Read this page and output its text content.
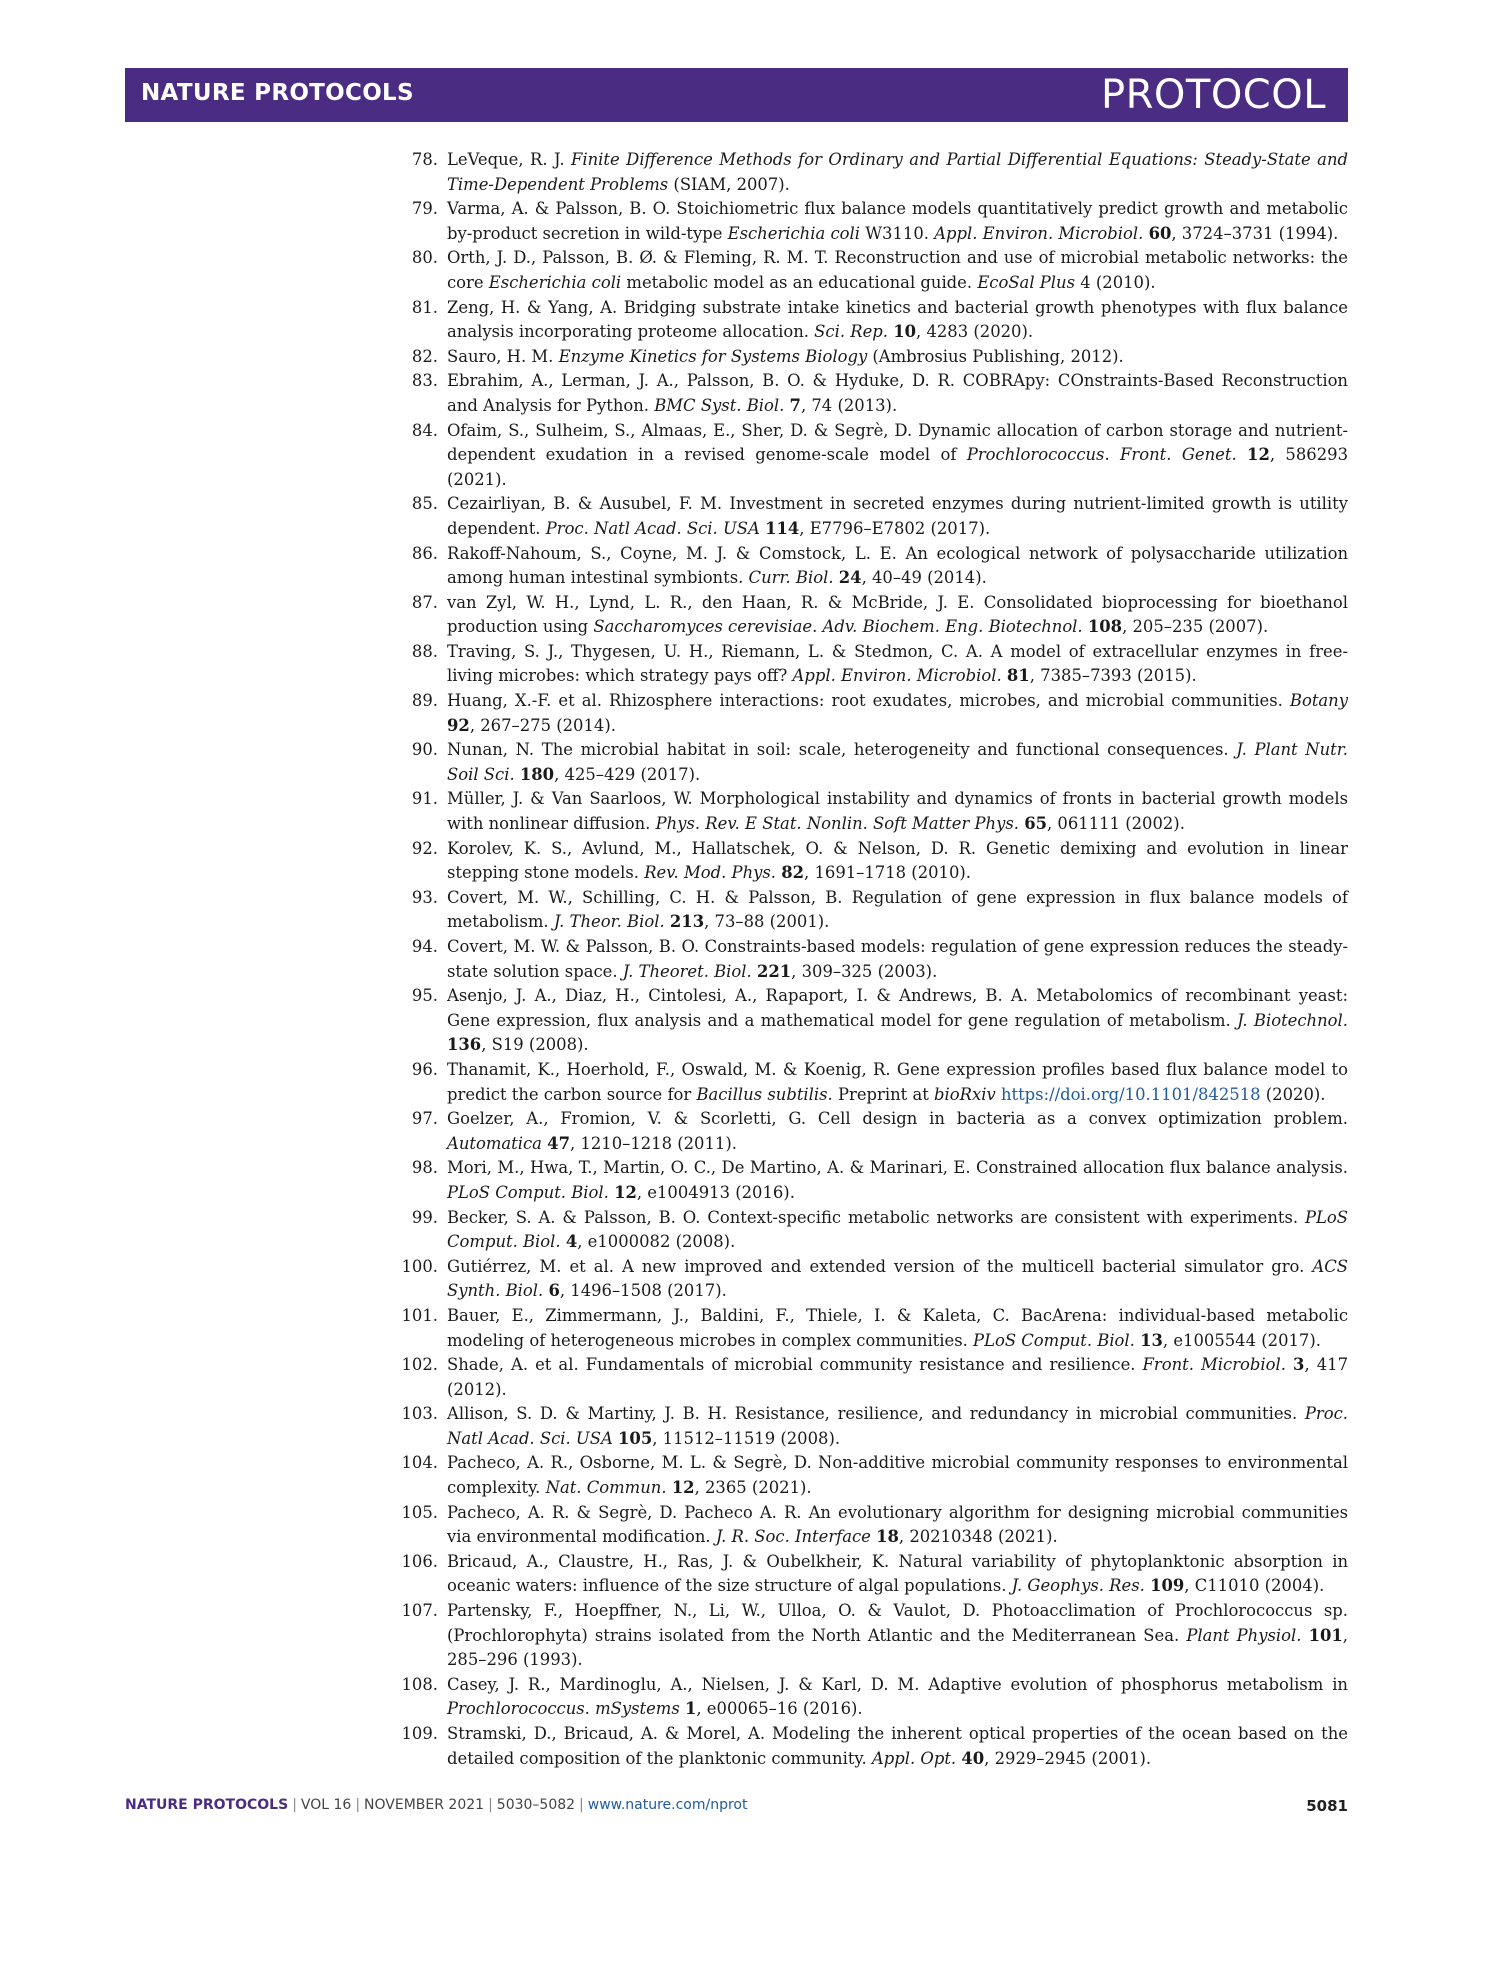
NATURE PROTOCOLS	PROTOCOL
78. LeVeque, R. J. Finite Difference Methods for Ordinary and Partial Differential Equations: Steady-State and Time-Dependent Problems (SIAM, 2007).
79. Varma, A. & Palsson, B. O. Stoichiometric flux balance models quantitatively predict growth and metabolic by-product secretion in wild-type Escherichia coli W3110. Appl. Environ. Microbiol. 60, 3724–3731 (1994).
80. Orth, J. D., Palsson, B. Ø. & Fleming, R. M. T. Reconstruction and use of microbial metabolic networks: the core Escherichia coli metabolic model as an educational guide. EcoSal Plus 4 (2010).
81. Zeng, H. & Yang, A. Bridging substrate intake kinetics and bacterial growth phenotypes with flux balance analysis incorporating proteome allocation. Sci. Rep. 10, 4283 (2020).
82. Sauro, H. M. Enzyme Kinetics for Systems Biology (Ambrosius Publishing, 2012).
83. Ebrahim, A., Lerman, J. A., Palsson, B. O. & Hyduke, D. R. COBRApy: COnstraints-Based Reconstruction and Analysis for Python. BMC Syst. Biol. 7, 74 (2013).
84. Ofaim, S., Sulheim, S., Almaas, E., Sher, D. & Segrè, D. Dynamic allocation of carbon storage and nutrient-dependent exudation in a revised genome-scale model of Prochlorococcus. Front. Genet. 12, 586293 (2021).
85. Cezairliyan, B. & Ausubel, F. M. Investment in secreted enzymes during nutrient-limited growth is utility dependent. Proc. Natl Acad. Sci. USA 114, E7796–E7802 (2017).
86. Rakoff-Nahoum, S., Coyne, M. J. & Comstock, L. E. An ecological network of polysaccharide utilization among human intestinal symbionts. Curr. Biol. 24, 40–49 (2014).
87. van Zyl, W. H., Lynd, L. R., den Haan, R. & McBride, J. E. Consolidated bioprocessing for bioethanol production using Saccharomyces cerevisiae. Adv. Biochem. Eng. Biotechnol. 108, 205–235 (2007).
88. Traving, S. J., Thygesen, U. H., Riemann, L. & Stedmon, C. A. A model of extracellular enzymes in free-living microbes: which strategy pays off? Appl. Environ. Microbiol. 81, 7385–7393 (2015).
89. Huang, X.-F. et al. Rhizosphere interactions: root exudates, microbes, and microbial communities. Botany 92, 267–275 (2014).
90. Nunan, N. The microbial habitat in soil: scale, heterogeneity and functional consequences. J. Plant Nutr. Soil Sci. 180, 425–429 (2017).
91. Müller, J. & Van Saarloos, W. Morphological instability and dynamics of fronts in bacterial growth models with nonlinear diffusion. Phys. Rev. E Stat. Nonlin. Soft Matter Phys. 65, 061111 (2002).
92. Korolev, K. S., Avlund, M., Hallatschek, O. & Nelson, D. R. Genetic demixing and evolution in linear stepping stone models. Rev. Mod. Phys. 82, 1691–1718 (2010).
93. Covert, M. W., Schilling, C. H. & Palsson, B. Regulation of gene expression in flux balance models of metabolism. J. Theor. Biol. 213, 73–88 (2001).
94. Covert, M. W. & Palsson, B. O. Constraints-based models: regulation of gene expression reduces the steady-state solution space. J. Theoret. Biol. 221, 309–325 (2003).
95. Asenjo, J. A., Diaz, H., Cintolesi, A., Rapaport, I. & Andrews, B. A. Metabolomics of recombinant yeast: Gene expression, flux analysis and a mathematical model for gene regulation of metabolism. J. Biotechnol. 136, S19 (2008).
96. Thanamit, K., Hoerhold, F., Oswald, M. & Koenig, R. Gene expression profiles based flux balance model to predict the carbon source for Bacillus subtilis. Preprint at bioRxiv https://doi.org/10.1101/842518 (2020).
97. Goelzer, A., Fromion, V. & Scorletti, G. Cell design in bacteria as a convex optimization problem. Automatica 47, 1210–1218 (2011).
98. Mori, M., Hwa, T., Martin, O. C., De Martino, A. & Marinari, E. Constrained allocation flux balance analysis. PLoS Comput. Biol. 12, e1004913 (2016).
99. Becker, S. A. & Palsson, B. O. Context-specific metabolic networks are consistent with experiments. PLoS Comput. Biol. 4, e1000082 (2008).
100. Gutiérrez, M. et al. A new improved and extended version of the multicell bacterial simulator gro. ACS Synth. Biol. 6, 1496–1508 (2017).
101. Bauer, E., Zimmermann, J., Baldini, F., Thiele, I. & Kaleta, C. BacArena: individual-based metabolic modeling of heterogeneous microbes in complex communities. PLoS Comput. Biol. 13, e1005544 (2017).
102. Shade, A. et al. Fundamentals of microbial community resistance and resilience. Front. Microbiol. 3, 417 (2012).
103. Allison, S. D. & Martiny, J. B. H. Resistance, resilience, and redundancy in microbial communities. Proc. Natl Acad. Sci. USA 105, 11512–11519 (2008).
104. Pacheco, A. R., Osborne, M. L. & Segrè, D. Non-additive microbial community responses to environmental complexity. Nat. Commun. 12, 2365 (2021).
105. Pacheco, A. R. & Segrè, D. Pacheco A. R. An evolutionary algorithm for designing microbial communities via environmental modification. J. R. Soc. Interface 18, 20210348 (2021).
106. Bricaud, A., Claustre, H., Ras, J. & Oubelkheir, K. Natural variability of phytoplanktonic absorption in oceanic waters: influence of the size structure of algal populations. J. Geophys. Res. 109, C11010 (2004).
107. Partensky, F., Hoepffner, N., Li, W., Ulloa, O. & Vaulot, D. Photoacclimation of Prochlorococcus sp. (Prochlorophyta) strains isolated from the North Atlantic and the Mediterranean Sea. Plant Physiol. 101, 285–296 (1993).
108. Casey, J. R., Mardinoglu, A., Nielsen, J. & Karl, D. M. Adaptive evolution of phosphorus metabolism in Prochlorococcus. mSystems 1, e00065–16 (2016).
109. Stramski, D., Bricaud, A. & Morel, A. Modeling the inherent optical properties of the ocean based on the detailed composition of the planktonic community. Appl. Opt. 40, 2929–2945 (2001).
NATURE PROTOCOLS | VOL 16 | NOVEMBER 2021 | 5030–5082 | www.nature.com/nprot	5081
